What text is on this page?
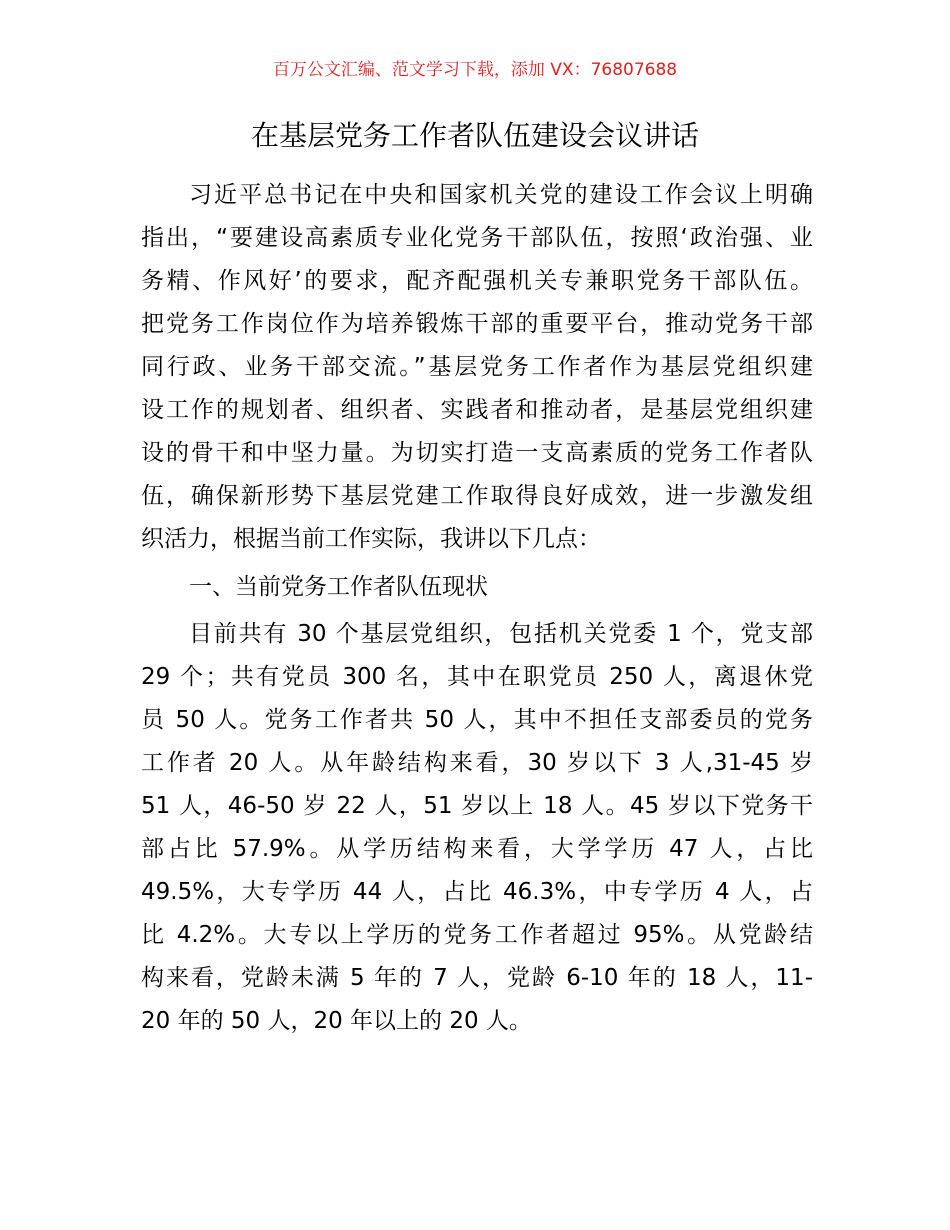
百万公文汇编、范文学习下载，添加 VX：76807688
在基层党务工作者队伍建设会议讲话
习近平总书记在中央和国家机关党的建设工作会议上明确
指出，“要建设高素质专业化党务干部队伍，按照‘政治强、业
务精、作风好’的要求，配齐配强机关专兼职党务干部队伍。
把党务工作岗位作为培养锻炼干部的重要平台，推动党务干部
同行政、业务干部交流。”基层党务工作者作为基层党组织建
设工作的规划者、组织者、实践者和推动者，是基层党组织建
设的骨干和中坚力量。为切实打造一支高素质的党务工作者队
伍，确保新形势下基层党建工作取得良好成效，进一步激发组
织活力，根据当前工作实际，我讲以下几点：
一、当前党务工作者队伍现状
目前共有 30 个基层党组织，包括机关党委 1 个，党支部
29 个；共有党员 300 名，其中在职党员 250 人，离退休党
员 50 人。党务工作者共 50 人，其中不担任支部委员的党务
工作者 20 人。从年龄结构来看，30 岁以下 3 人,31-45 岁
51 人，46-50 岁 22 人，51 岁以上 18 人。45 岁以下党务干
部占比 57.9%。从学历结构来看，大学学历 47 人，占比
49.5%，大专学历 44 人，占比 46.3%，中专学历 4 人，占
比 4.2%。大专以上学历的党务工作者超过 95%。从党龄结
构来看，党龄未满 5 年的 7 人，党龄 6-10 年的 18 人，11-
20 年的 50 人，20 年以上的 20 人。
